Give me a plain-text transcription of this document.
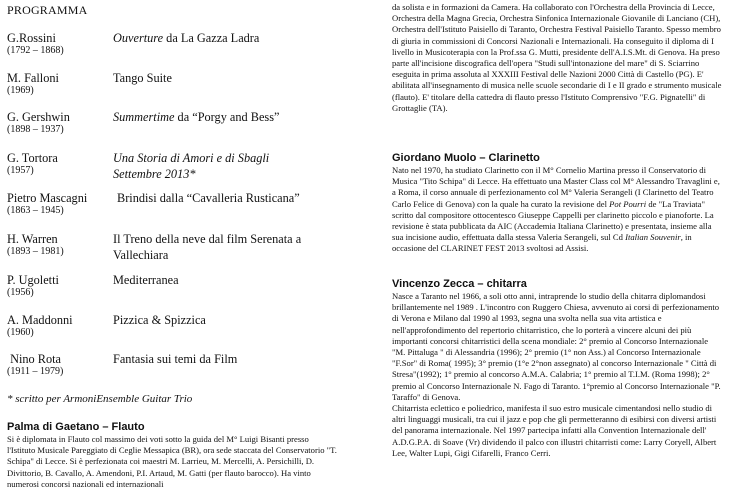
PROGRAMMA
G.Rossini
(1792 – 1868)
Ouverture da La Gazza Ladra
M. Falloni
(1969)
Tango Suite
G. Gershwin
(1898 – 1937)
Summertime da “Porgy and Bess”
G. Tortora
(1957)
Una Storia di Amori e di Sbagli
Settembre 2013*
Pietro Mascagni
(1863 – 1945)
Brindisi dalla “Cavalleria Rusticana”
H. Warren
(1893 – 1981)
Il Treno della neve dal film Serenata a Vallechiara
P. Ugoletti
(1956)
Mediterranea
A. Maddonni
(1960)
Pizzica & Spizzica
Nino Rota
(1911 – 1979)
Fantasia sui temi da Film
* scritto per ArmoniEnsemble Guitar Trio

Palma di Gaetano – Flauto

Si è diplomata in Flauto col massimo dei voti sotto la guida del M° Luigi Bisanti presso l'Istituto Musicale Pareggiato di Ceglie Messapica (BR), ora sede staccata del Conservatorio "T. Schipa" di Lecce. Si è perfezionata coi maestri M. Larrieu, M. Mercelli, A. Persichilli, D. Divittorio, B. Cavallo, A. Amendoni, P.I. Artaud, M. Gatti (per flauto barocco). Ha vinto numerosi concorsi nazionali ed internazionali

da solista e in formazioni da Camera. Ha collaborato con l'Orchestra della Provincia di Lecce, Orchestra della Magna Grecia, Orchestra Sinfonica Internazionale Giovanile di Lanciano (CH), Orchestra dell'Istituto Paisiello di Taranto, Orchestra Festival Paisiello Taranto. Spesso membro di giuria in commissioni di Concorsi Nazionali e Internazionali. Ha conseguito il diploma di I livello in Musicoterapia con la Prof.ssa G. Mutti, presidente dell'A.I.S.Mt. di Genova. Ha preso parte all'incisione discografica dell'opera "Studi sull'intonazione del mare" di S. Sciarrino eseguita in prima assoluta al XXXIII Festival delle Nazioni 2000 Città di Castello (PG). E' abilitata all'insegnamento di musica nelle scuole secondarie di I e II grado e strumento musicale (flauto). E' titolare della cattedra di flauto presso l'Istituto Comprensivo "F.G. Pignatelli" di Grottaglie (TA).

Giordano Muolo – Clarinetto

Nato nel 1970, ha studiato Clarinetto con il M° Cornelio Martina presso il Conservatorio di Musica "Tito Schipa" di Lecce. Ha effettuato una Master Class col M° Alessandro Travaglini e, a Roma, il corso annuale di perfezionamento col M° Valeria Serangeli (I Clarinetto del Teatro Carlo Felice di Genova) con la quale ha curato la revisione del Pot Pourri de "La Traviata" scritto dal compositore ottocentesco Giuseppe Cappelli per clarinetto piccolo e pianoforte. La revisione è stata pubblicata da AIC (Accademia Italiana Clarinetto) e presentata, insieme alla sua incisione audio, effettuata dalla stessa Valeria Serangeli, sul Cd Italian Souvenir, in occasione del CLARINET FEST 2013 svoltosi ad Assisi.

Vincenzo Zecca – chitarra

Nasce a Taranto nel 1966, a soli otto anni, intraprende lo studio della chitarra diplomandosi brillantemente nel 1989 . L'incontro con Ruggero Chiesa, avvenuto ai corsi di perfezionamento di Verona e Milano dal 1990 al 1993, segna una svolta nella sua vita artistica e nell'approfondimento del repertorio chitarristico, che lo porterà a vincere alcuni dei più importanti concorsi chitarristici della scena mondiale: 2° premio al Concorso Internazionale "M. Pittaluga " di Alessandria (1996); 2° premio (1° non Ass.) al Concorso Internazionale "F.Sor" di Roma( 1995); 3° premio (1°e 2°non assegnato) al concorso Internazionale " Città di Stresa"(1992); 1° premio al concorso A.M.A. Calabria; 1° premio al T.I.M. (Roma 1998); 2° premio al Concorso Internazionale N. Fago di Taranto. 1°premio al Concorso Internazionale "P. Taraffo" di Genova.

Chitarrista eclettico e poliedrico, manifesta il suo estro musicale cimentandosi nello studio di altri linguaggi musicali, tra cui il jazz e pop che gli permetteranno di esibirsi con diversi artisti del panorama internazionale. Nel 1997 partecipa infatti alla Convention Internazionale dell' A.D.G.P.A. di Soave (Vr) dividendo il palco con illustri chitarristi come: Larry Coryell, Albert Lee, Walter Lupi, Gigi Cifarelli, Franco Cerri.
